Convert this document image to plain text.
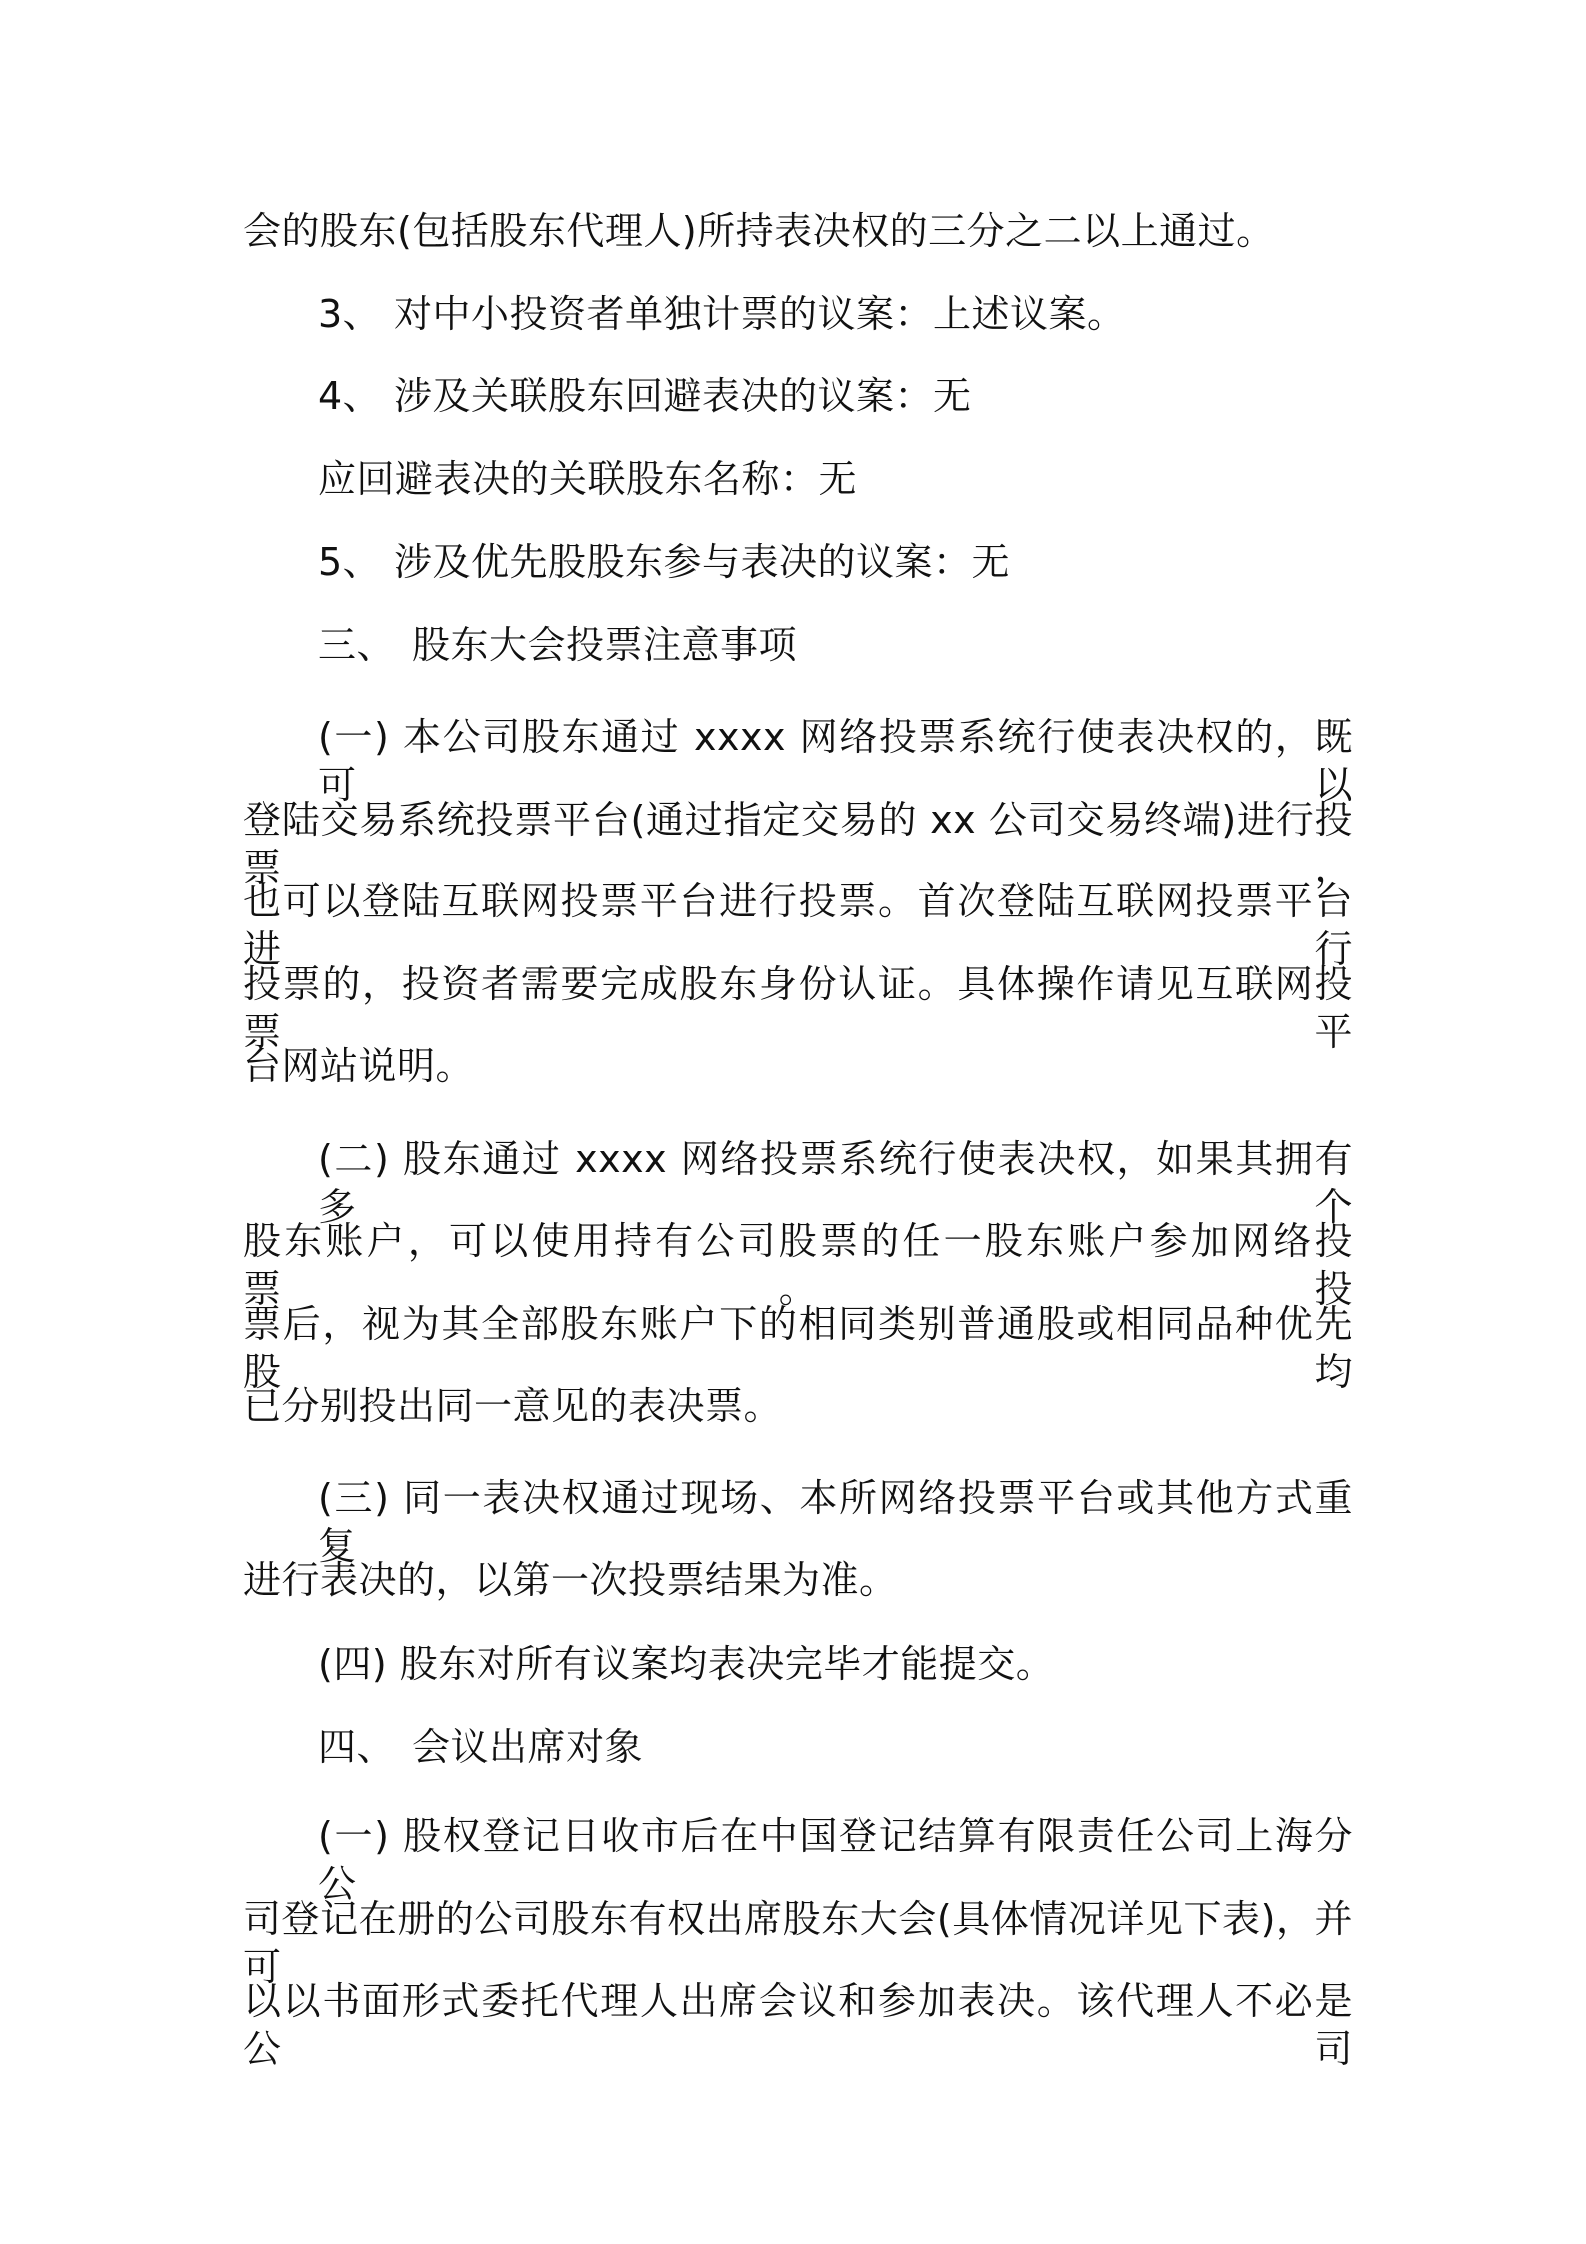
会的股东(包括股东代理人)所持表决权的三分之二以上通过。
3、 对中小投资者单独计票的议案：上述议案。
4、 涉及关联股东回避表决的议案：无
应回避表决的关联股东名称：无
5、 涉及优先股股东参与表决的议案：无
三、 股东大会投票注意事项
(一) 本公司股东通过 xxxx 网络投票系统行使表决权的，既可以
登陆交易系统投票平台(通过指定交易的 xx 公司交易终端)进行投票，
也可以登陆互联网投票平台进行投票。首次登陆互联网投票平台进行
投票的，投资者需要完成股东身份认证。具体操作请见互联网投票平
台网站说明。
(二) 股东通过 xxxx 网络投票系统行使表决权，如果其拥有多个
股东账户，可以使用持有公司股票的任一股东账户参加网络投票。投
票后，视为其全部股东账户下的相同类别普通股或相同品种优先股均
已分别投出同一意见的表决票。
(三) 同一表决权通过现场、本所网络投票平台或其他方式重复
进行表决的，以第一次投票结果为准。
(四) 股东对所有议案均表决完毕才能提交。
四、 会议出席对象
(一) 股权登记日收市后在中国登记结算有限责任公司上海分公
司登记在册的公司股东有权出席股东大会(具体情况详见下表)，并可
以以书面形式委托代理人出席会议和参加表决。该代理人不必是公司
